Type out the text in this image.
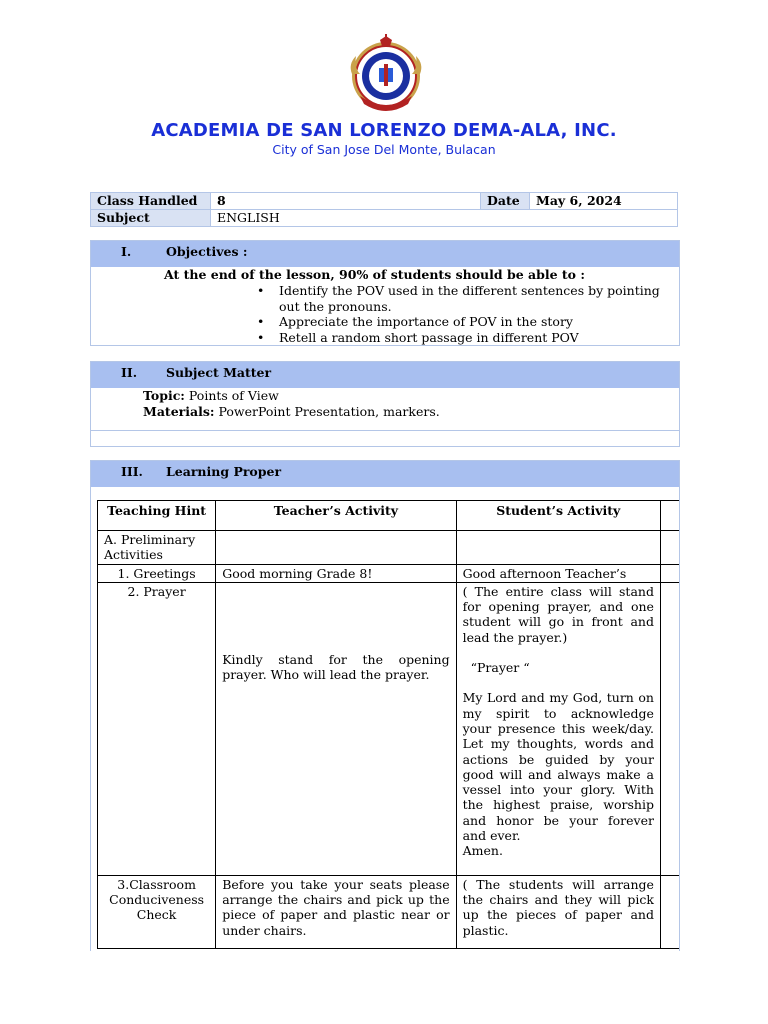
ACADEMIA DE SAN LORENZO DEMA-ALA, INC.
City of San Jose Del Monte, Bulacan
Class Handled	8	Date	May 6, 2024
Subject	ENGLISH		
I.	Objectives :
At the end of the lesson, 90% of students should be able to :
• Identify the POV used in the different sentences by pointing out the pronouns.
• Appreciate the importance of POV in the story
• Retell a random short passage in different POV
II. Subject Matter
Topic: Points of View
Materials: PowerPoint Presentation, markers.
III. Learning Proper
Teaching Hint	Teacher’s Activity	Student’s Activity	
A. Preliminary Activities			
1. Greetings	Good morning Grade 8!	Good afternoon Teacher’s	
2. Prayer	Kindly stand for the opening prayer. Who will lead the prayer.	( The entire class will stand for opening prayer, and one student will go in front and lead the prayer.)
“Prayer “
My Lord and my God, turn on my spirit to acknowledge your presence this week/day. Let my thoughts, words and actions be guided by your good will and always make a vessel into your glory. With the highest praise, worship and honor be your forever and ever.
Amen.	

3.Classroom Conduciveness Check	Before you take your seats please arrange the chairs and pick up the piece of paper and plastic near or under chairs.	( The students will arrange the chairs and they will pick up the pieces of paper and plastic.	
